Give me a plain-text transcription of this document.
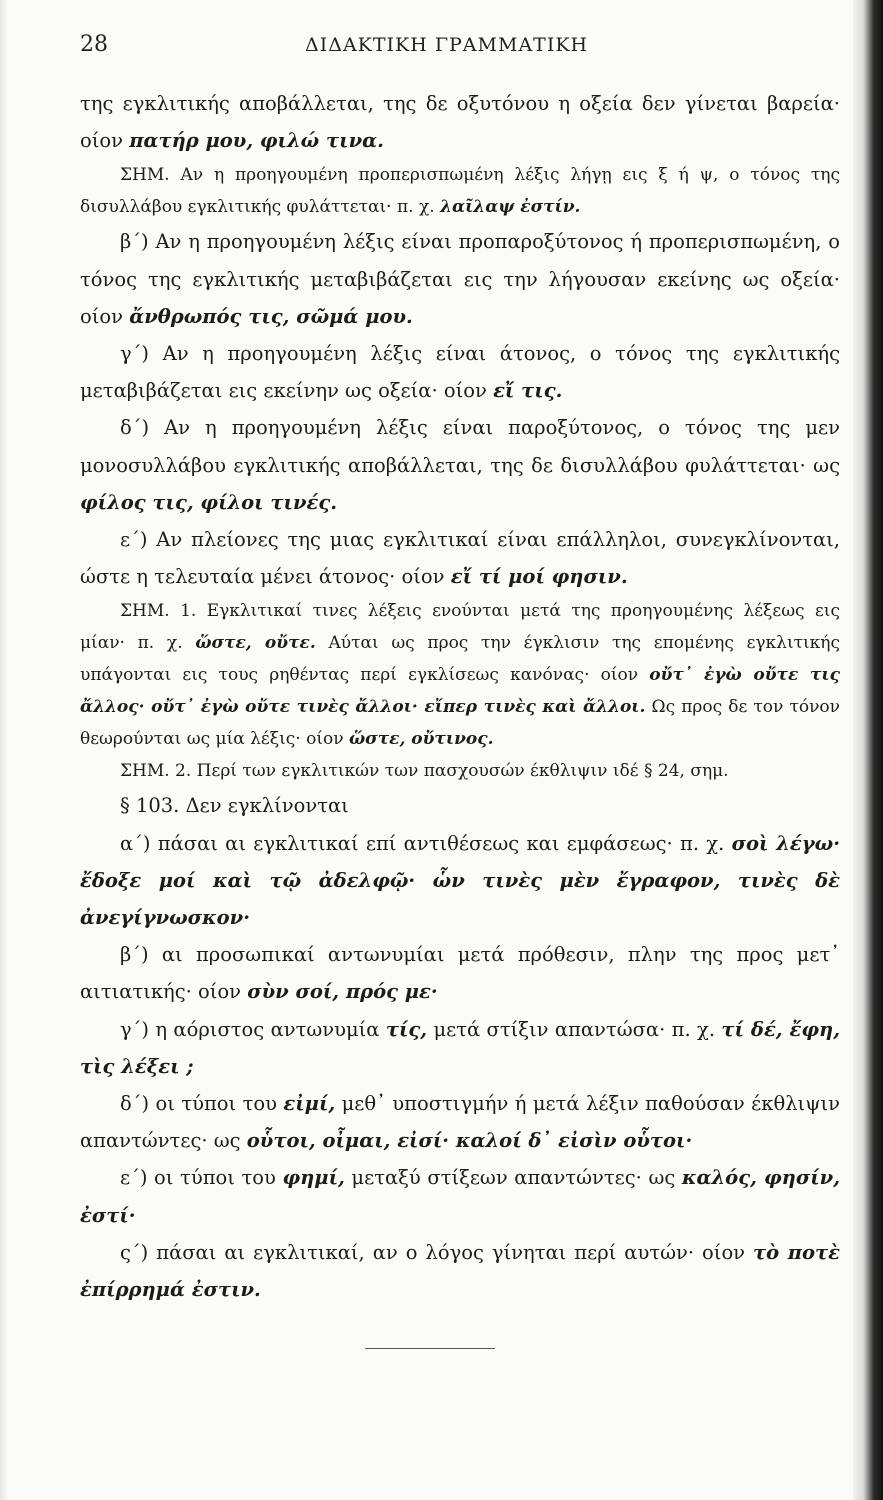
28	ΔΙΔΑΚΤΙΚΗ ΓΡΑΜΜΑΤΙΚΗ

της εγκλιτικής αποβάλλεται, της δε οξυτόνου η οξεία δεν γίνεται βαρεία· οίον πατήρ μου, φιλώ τινα.

ΣΗΜ. Αν η προηγουμένη προπερισπωμένη λέξις λήγῃ εις ξ ή ψ, ο τόνος της δισυλλάβου εγκλιτικής φυλάττεται· π. χ. λαῖλαψ ἐστίν.

β΄) Αν η προηγουμένη λέξις είναι προπαροξύτονος ή προπερισπωμένη, ο τόνος της εγκλιτικής μεταβιβάζεται εις την λήγουσαν εκείνης ως οξεία· οίον ἄνθρωπός τις, σῶμά μου.

γ΄) Αν η προηγουμένη λέξις είναι άτονος, ο τόνος της εγκλιτικής μεταβιβάζεται εις εκείνην ως οξεία· οίον εἴ τις.

δ΄) Αν η προηγουμένη λέξις είναι παροξύτονος, ο τόνος της μεν μονοσυλλάβου εγκλιτικής αποβάλλεται, της δε δισυλλάβου φυλάττεται· ως φίλος τις, φίλοι τινές.

ε΄) Αν πλείονες της μιας εγκλιτικαί είναι επάλληλοι, συνεγκλίνονται, ώστε η τελευταία μένει άτονος· οίον εἴ τί μοί φησιν.

ΣΗΜ. 1. Εγκλιτικαί τινες λέξεις ενούνται μετά της προηγουμένης λέξεως εις μίαν· π. χ. ὥστε, οὔτε. Αύται ως προς την έγκλισιν της επομένης εγκλιτικής υπάγονται εις τους ρηθέντας περί εγκλίσεως κανόνας· οίον οὔτ᾿ ἐγὼ οὔτε τις ἄλλος· οὔτ᾿ ἐγὼ οὔτε τινὲς ἄλλοι· εἴπερ τινὲς καὶ ἄλλοι. Ως προς δε τον τόνον θεωρούνται ως μία λέξις· οίον ὥστε, οὔτινος.

ΣΗΜ. 2. Περί των εγκλιτικών των πασχουσών έκθλιψιν ιδέ § 24, σημ.

§ 103. Δεν εγκλίνονται

α΄) πάσαι αι εγκλιτικαί επί αντιθέσεως και εμφάσεως· π. χ. σοὶ λέγω· ἔδοξε μοί καὶ τῷ ἀδελφῷ· ὧν τινὲς μὲν ἔγραφον, τινὲς δὲ ἀνεγίγνωσκον·

β΄) αι προσωπικαί αντωνυμίαι μετά πρόθεσιν, πλην της προς μετ᾿ αιτιατικής· οίον σὺν σοί, πρός με·

γ΄) η αόριστος αντωνυμία τίς, μετά στίξιν απαντώσα· π. χ. τί δέ, ἔφη, τὶς λέξει ;

δ΄) οι τύποι του εἰμί, μεθ᾿ υποστιγμήν ή μετά λέξιν παθούσαν έκθλιψιν απαντώντες· ως οὗτοι, οἶμαι, εἰσί· καλοί δ᾿ εἰσὶν οὗτοι·

ε΄) οι τύποι του φημί, μεταξύ στίξεων απαντώντες· ως καλός, φησίν, ἐστί·

ς΄) πάσαι αι εγκλιτικαί, αν ο λόγος γίνηται περί αυτών· οίον τὸ ποτὲ ἐπίρρημά ἐστιν.
